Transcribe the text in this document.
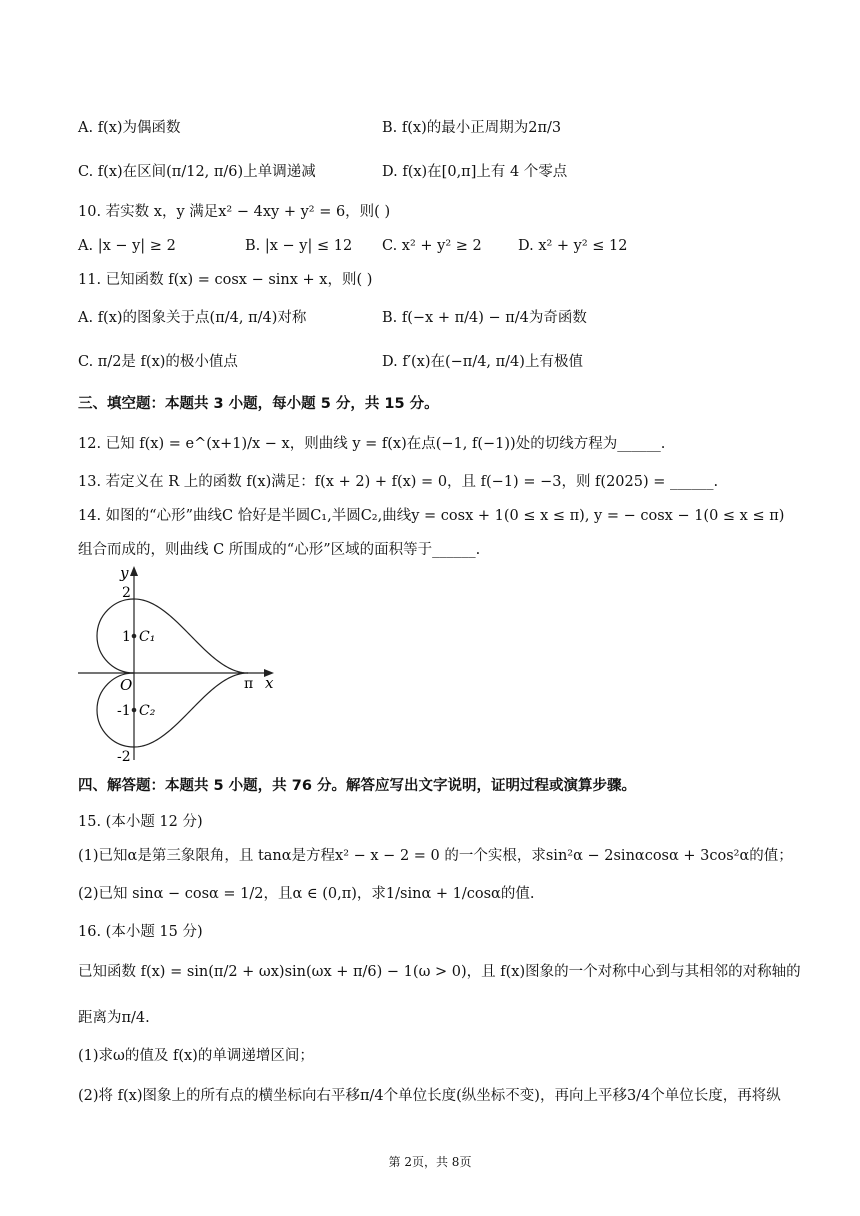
A. f(x)为偶函数	B. f(x)的最小正周期为2π/3
C. f(x)在区间(π/12, π/6)上单调递减	D. f(x)在[0,π]上有 4 个零点
10. 若实数 x，y 满足x² − 4xy + y² = 6，则( )
A. |x − y| ≥ 2	B. |x − y| ≤ 12 C. x² + y² ≥ 2 D. x² + y² ≤ 12
11. 已知函数 f(x) = cosx − sinx + x，则( )
A. f(x)的图象关于点(π/4, π/4)对称	B. f(−x + π/4) − π/4为奇函数
C. π/2是 f(x)的极小值点	D. f′(x)在(−π/4, π/4)上有极值
三、填空题：本题共 3 小题，每小题 5 分，共 15 分。
12. 已知 f(x) = e^(x+1)/x − x，则曲线 y = f(x)在点(−1, f(−1))处的切线方程为______.
13. 若定义在 R 上的函数 f(x)满足：f(x + 2) + f(x) = 0，且 f(−1) = −3，则 f(2025) = ______.
14. 如图的“心形”曲线C 恰好是半圆C₁,半圆C₂,曲线y = cosx + 1(0 ≤ x ≤ π), y = − cosx − 1(0 ≤ x ≤ π)
组合而成的，则曲线 C 所围成的“心形”区域的面积等于______.
y
x
O
2
1
-1
-2
π
C₁
C₂
四、解答题：本题共 5 小题，共 76 分。解答应写出文字说明，证明过程或演算步骤。
15. (本小题 12 分)
(1)已知α是第三象限角，且 tanα是方程x² − x − 2 = 0 的一个实根，求sin²α − 2sinαcosα + 3cos²α的值；
(2)已知 sinα − cosα = 1/2，且α ∈ (0,π)，求1/sinα + 1/cosα的值.
16. (本小题 15 分)
已知函数 f(x) = sin(π/2 + ωx)sin(ωx + π/6) − 1(ω > 0)，且 f(x)图象的一个对称中心到与其相邻的对称轴的
距离为π/4.
(1)求ω的值及 f(x)的单调递增区间；
(2)将 f(x)图象上的所有点的横坐标向右平移π/4个单位长度(纵坐标不变)，再向上平移3/4个单位长度，再将纵
第 2页，共 8页
